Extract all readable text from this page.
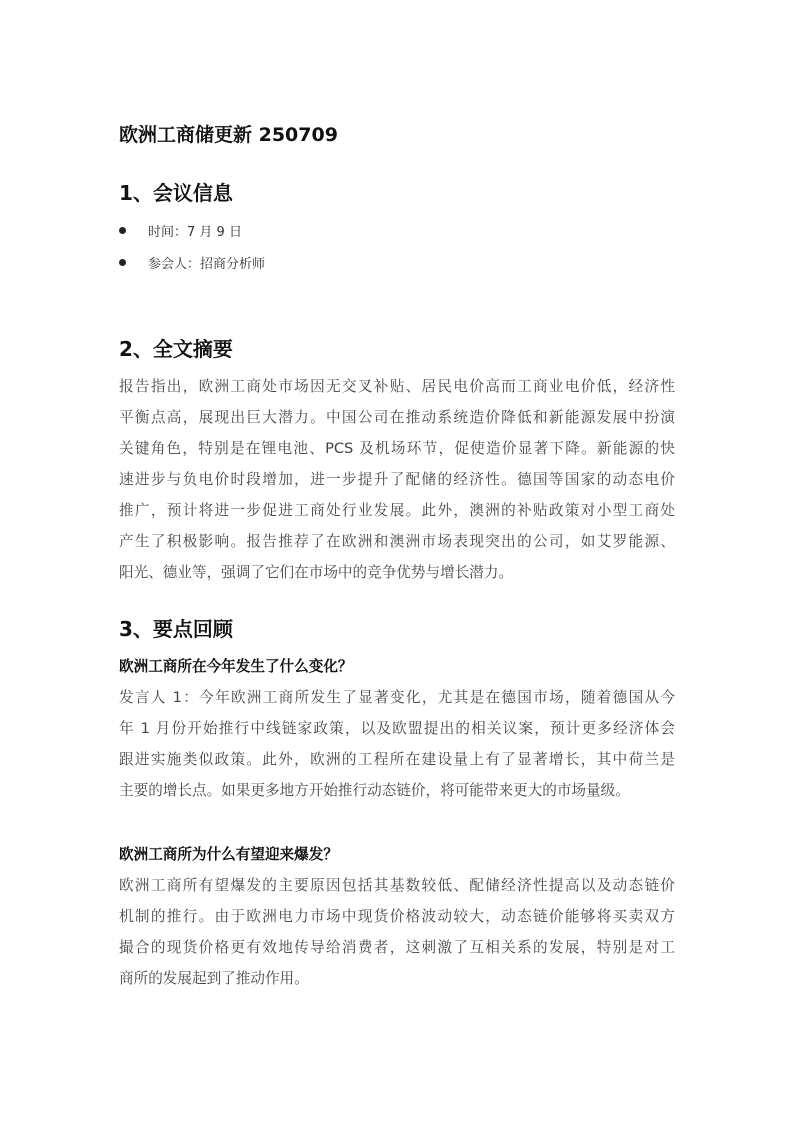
欧洲工商储更新 250709
1、会议信息
时间：7 月 9 日
参会人：招商分析师
2、全文摘要
报告指出，欧洲工商处市场因无交叉补贴、居民电价高而工商业电价低，经济性
平衡点高，展现出巨大潜力。中国公司在推动系统造价降低和新能源发展中扮演
关键角色，特别是在锂电池、PCS 及机场环节，促使造价显著下降。新能源的快
速进步与负电价时段增加，进一步提升了配储的经济性。德国等国家的动态电价
推广，预计将进一步促进工商处行业发展。此外，澳洲的补贴政策对小型工商处
产生了积极影响。报告推荐了在欧洲和澳洲市场表现突出的公司，如艾罗能源、
阳光、德业等，强调了它们在市场中的竞争优势与增长潜力。
3、要点回顾
欧洲工商所在今年发生了什么变化？
发言人 1：今年欧洲工商所发生了显著变化，尤其是在德国市场，随着德国从今
年 1 月份开始推行中线链家政策，以及欧盟提出的相关议案，预计更多经济体会
跟进实施类似政策。此外，欧洲的工程所在建设量上有了显著增长，其中荷兰是
主要的增长点。如果更多地方开始推行动态链价，将可能带来更大的市场量级。
欧洲工商所为什么有望迎来爆发？
欧洲工商所有望爆发的主要原因包括其基数较低、配储经济性提高以及动态链价
机制的推行。由于欧洲电力市场中现货价格波动较大，动态链价能够将买卖双方
撮合的现货价格更有效地传导给消费者，这刺激了互相关系的发展，特别是对工
商所的发展起到了推动作用。
